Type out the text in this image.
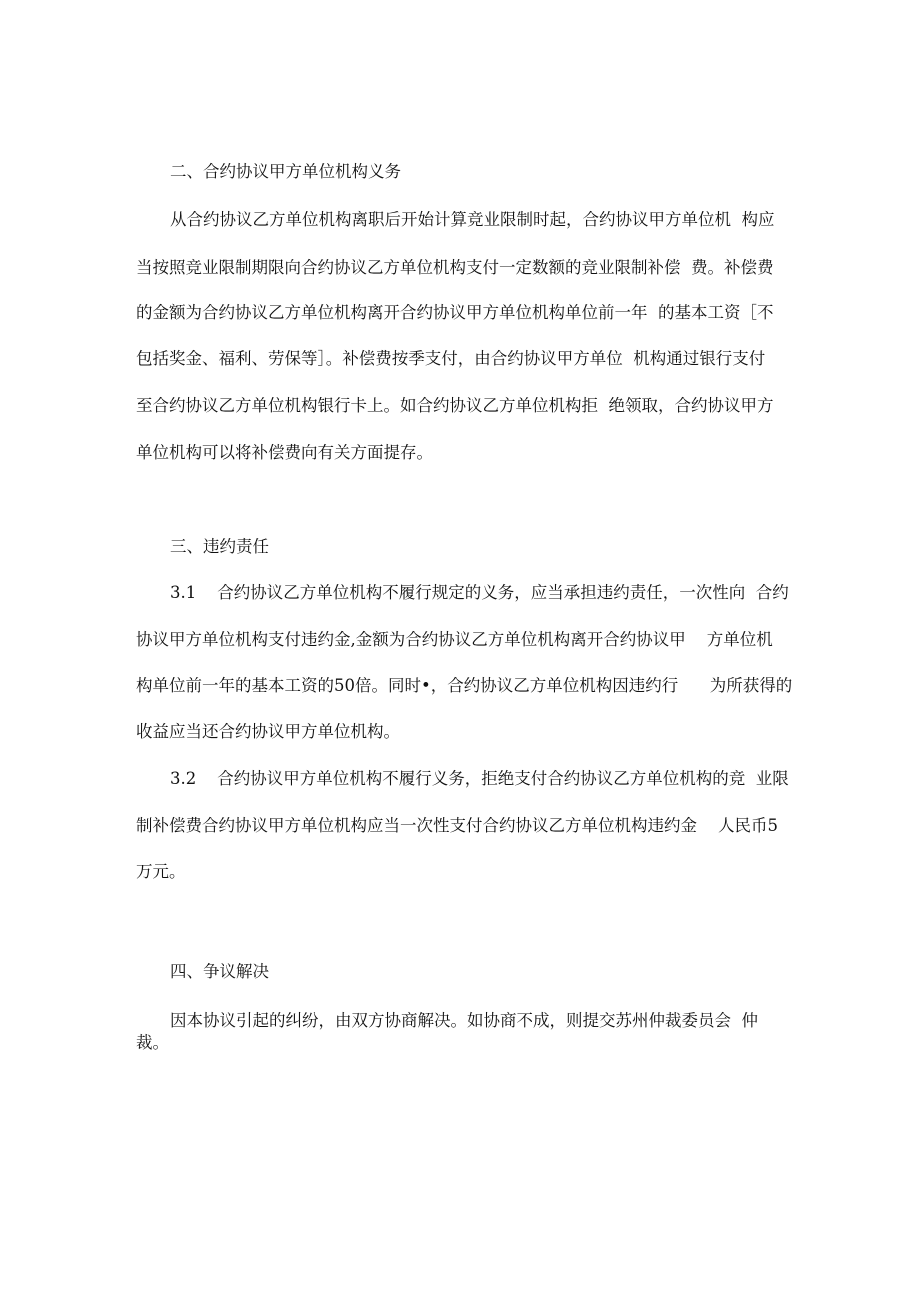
二、合约协议甲方单位机构义务

从合约协议乙方单位机构离职后开始计算竞业限制时起，合约协议甲方单位机  构应

当按照竞业限制期限向合约协议乙方单位机构支付一定数额的竞业限制补偿  费。补偿费

的金额为合约协议乙方单位机构离开合约协议甲方单位机构单位前一年  的基本工资［不

包括奖金、福利、劳保等］。补偿费按季支付，由合约协议甲方单位  机构通过银行支付

至合约协议乙方单位机构银行卡上。如合约协议乙方单位机构拒  绝领取，合约协议甲方

单位机构可以将补偿费向有关方面提存。

三、违约责任

3.1    合约协议乙方单位机构不履行规定的义务，应当承担违约责任，一次性向  合约

协议甲方单位机构支付违约金,金额为合约协议乙方单位机构离开合约协议甲    方单位机

构单位前一年的基本工资的50倍。同时•，合约协议乙方单位机构因违约行      为所获得的

收益应当还合约协议甲方单位机构。

3.2    合约协议甲方单位机构不履行义务，拒绝支付合约协议乙方单位机构的竞  业限

制补偿费合约协议甲方单位机构应当一次性支付合约协议乙方单位机构违约金    人民币5

万元。

四、争议解决

因本协议引起的纠纷，由双方协商解决。如协商不成，则提交苏州仲裁委员会  仲

裁。
